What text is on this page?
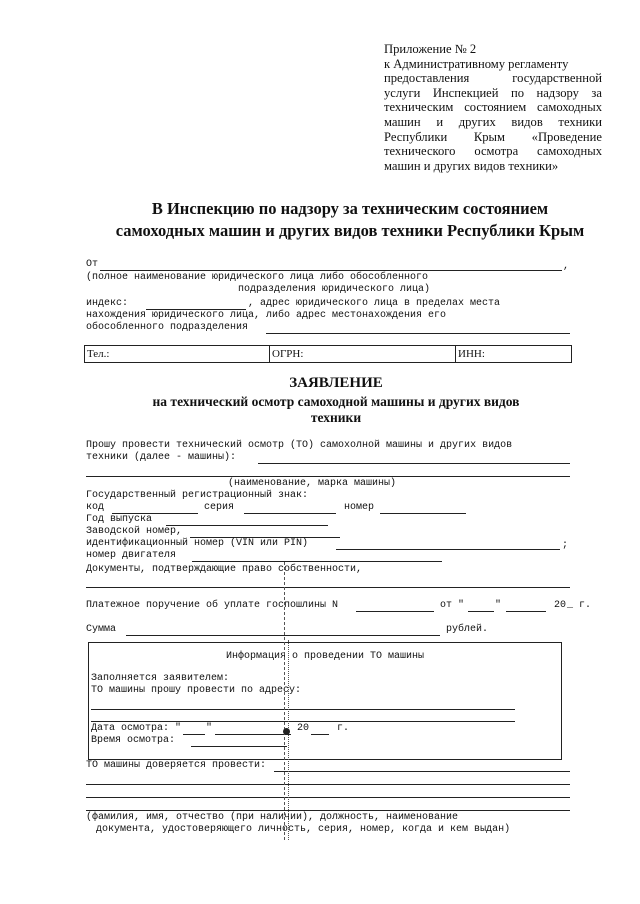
Приложение № 2
к Административному регламенту
предоставления государственной
услуги Инспекцией по надзору за
техническим состоянием самоходных
машин и других видов техники
Республики Крым «Проведение
технического осмотра самоходных
машин и других видов техники»
В Инспекцию по надзору за техническим состоянием
самоходных машин и других видов техники Республики Крым
От	,
(полное наименование юридического лица либо обособленного
подразделения юридического лица)
индекс:	, адрес юридического лица в пределах места
нахождения юридического лица, либо адрес местонахождения его
обособленного подразделения
Тел.:	ОГРН:	ИНН:
ЗАЯВЛЕНИЕ
на технический осмотр самоходной машины и других видов
техники
Прошу провести технический осмотр (ТО) самохолной машины и других видов
техники (далее - машины):
(наименование, марка машины)
Государственный регистрационный знак:
код	серия	номер
Год выпуска
Заводской номер,
идентификационный номер (VIN или PIN)	;
номер двигателя
Документы, подтверждающие право собственности,
Платежное поручение об уплате госпошлины N	от "	"	20 _ г.
Сумма	рублей.
Информация о проведении ТО машины
Заполняется заявителем:
ТО машины прошу провести по адресу:
Дата осмотра: " "	20	г.
Время осмотра:
ТО машины доверяется провести:
(фамилия, имя, отчество (при наличии), должность, наименование
документа, удостоверяющего личность, серия, номер, когда и кем выдан)
